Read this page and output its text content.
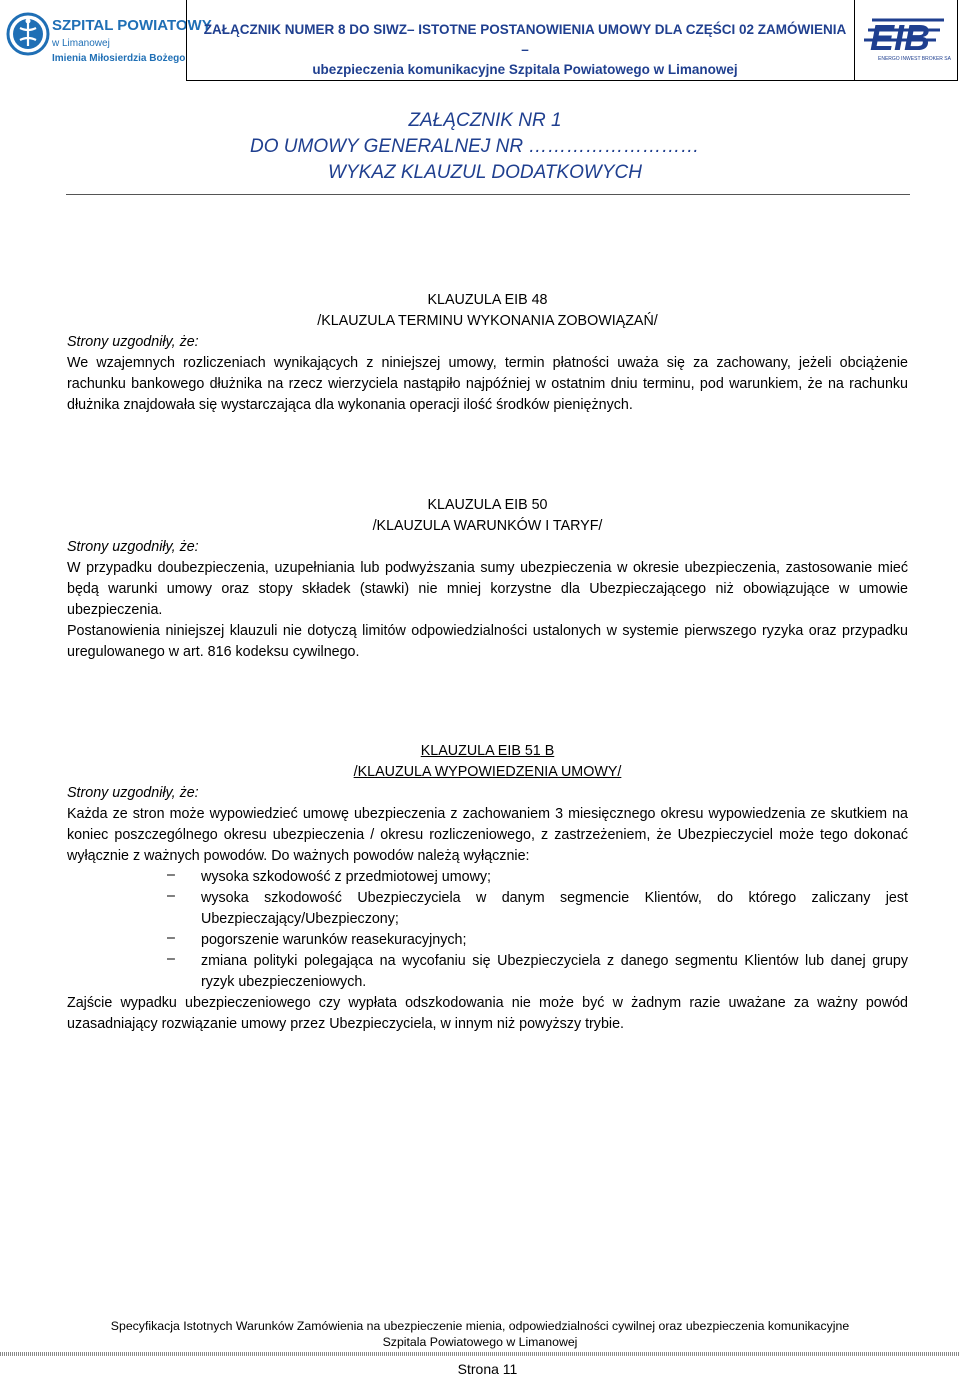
SZPITAL POWIATOWY
w Limanowej
Imienia Miłosierdzia Bożego
ZAŁĄCZNIK NUMER 8 DO SIWZ– ISTOTNE POSTANOWIENIA UMOWY DLA CZĘŚCI 02 ZAMÓWIENIA –
ubezpieczenia komunikacyjne Szpitala Powiatowego w Limanowej
EIB
ENERGO INWEST BROKER SA
ZAŁĄCZNIK NR 1
DO UMOWY GENERALNEJ NR ………………………
WYKAZ KLAUZUL DODATKOWYCH
KLAUZULA EIB 48
/KLAUZULA TERMINU WYKONANIA ZOBOWIĄZAŃ/
Strony uzgodniły, że:

We wzajemnych rozliczeniach wynikających z niniejszej umowy, termin płatności uważa się za zachowany, jeżeli obciążenie rachunku bankowego dłużnika na rzecz wierzyciela nastąpiło najpóźniej w ostatnim dniu terminu, pod warunkiem, że na rachunku dłużnika znajdowała się wystarczająca dla wykonania operacji ilość środków pieniężnych.

KLAUZULA EIB 50
/KLAUZULA WARUNKÓW I TARYF/
Strony uzgodniły, że:

W przypadku doubezpieczenia, uzupełniania lub podwyższania sumy ubezpieczenia w okresie ubezpieczenia, zastosowanie mieć będą warunki umowy oraz stopy składek (stawki) nie mniej korzystne dla Ubezpieczającego niż obowiązujące w umowie ubezpieczenia.

Postanowienia niniejszej klauzuli nie dotyczą limitów odpowiedzialności ustalonych w systemie pierwszego ryzyka oraz przypadku uregulowanego w art. 816 kodeksu cywilnego.

KLAUZULA EIB 51 B
/KLAUZULA WYPOWIEDZENIA UMOWY/
Strony uzgodniły, że:

Każda ze stron może wypowiedzieć umowę ubezpieczenia z zachowaniem 3 miesięcznego okresu wypowiedzenia ze skutkiem na koniec poszczególnego okresu ubezpieczenia / okresu rozliczeniowego, z zastrzeżeniem, że Ubezpieczyciel może tego dokonać wyłącznie z ważnych powodów. Do ważnych powodów należą wyłącznie:

– wysoka szkodowość z przedmiotowej umowy;
– wysoka szkodowość Ubezpieczyciela w danym segmencie Klientów, do którego zaliczany jest Ubezpieczający/Ubezpieczony;
– pogorszenie warunków reasekuracyjnych;
– zmiana polityki polegająca na wycofaniu się Ubezpieczyciela z danego segmentu Klientów lub danej grupy ryzyk ubezpieczeniowych.

Zajście wypadku ubezpieczeniowego czy wypłata odszkodowania nie może być w żadnym razie uważane za ważny powód uzasadniający rozwiązanie umowy przez Ubezpieczyciela, w innym niż powyższy trybie.

Specyfikacja Istotnych Warunków Zamówienia na ubezpieczenie mienia, odpowiedzialności cywilnej oraz ubezpieczenia komunikacyjne
Szpitala Powiatowego w Limanowej
Strona 11
